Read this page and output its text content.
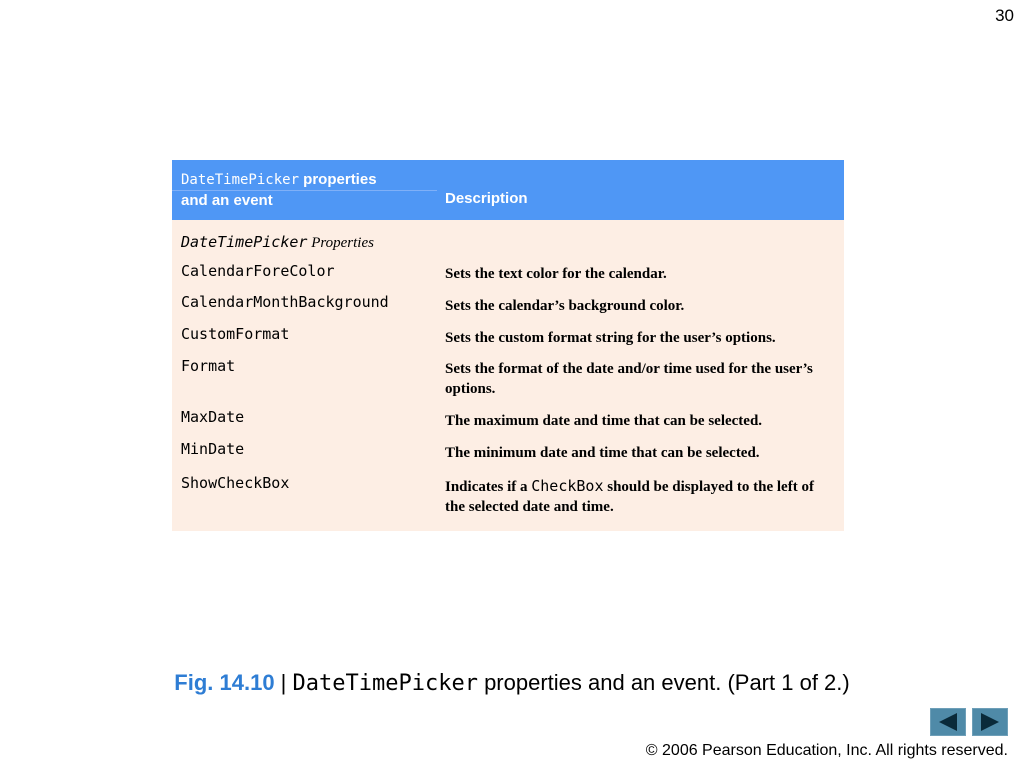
30
DateTimePicker properties
and an event	Description
DateTimePicker Properties
CalendarForeColor	Sets the text color for the calendar.
CalendarMonthBackground	Sets the calendar’s background color.
CustomFormat	Sets the custom format string for the user’s options.
Format	Sets the format of the date and/or time used for the user’s options.
MaxDate	The maximum date and time that can be selected.
MinDate	The minimum date and time that can be selected.
ShowCheckBox	Indicates if a CheckBox should be displayed to the left of the selected date and time.
Fig. 14.10 | DateTimePicker properties and an event. (Part 1 of 2.)
© 2006 Pearson Education, Inc. All rights reserved.
